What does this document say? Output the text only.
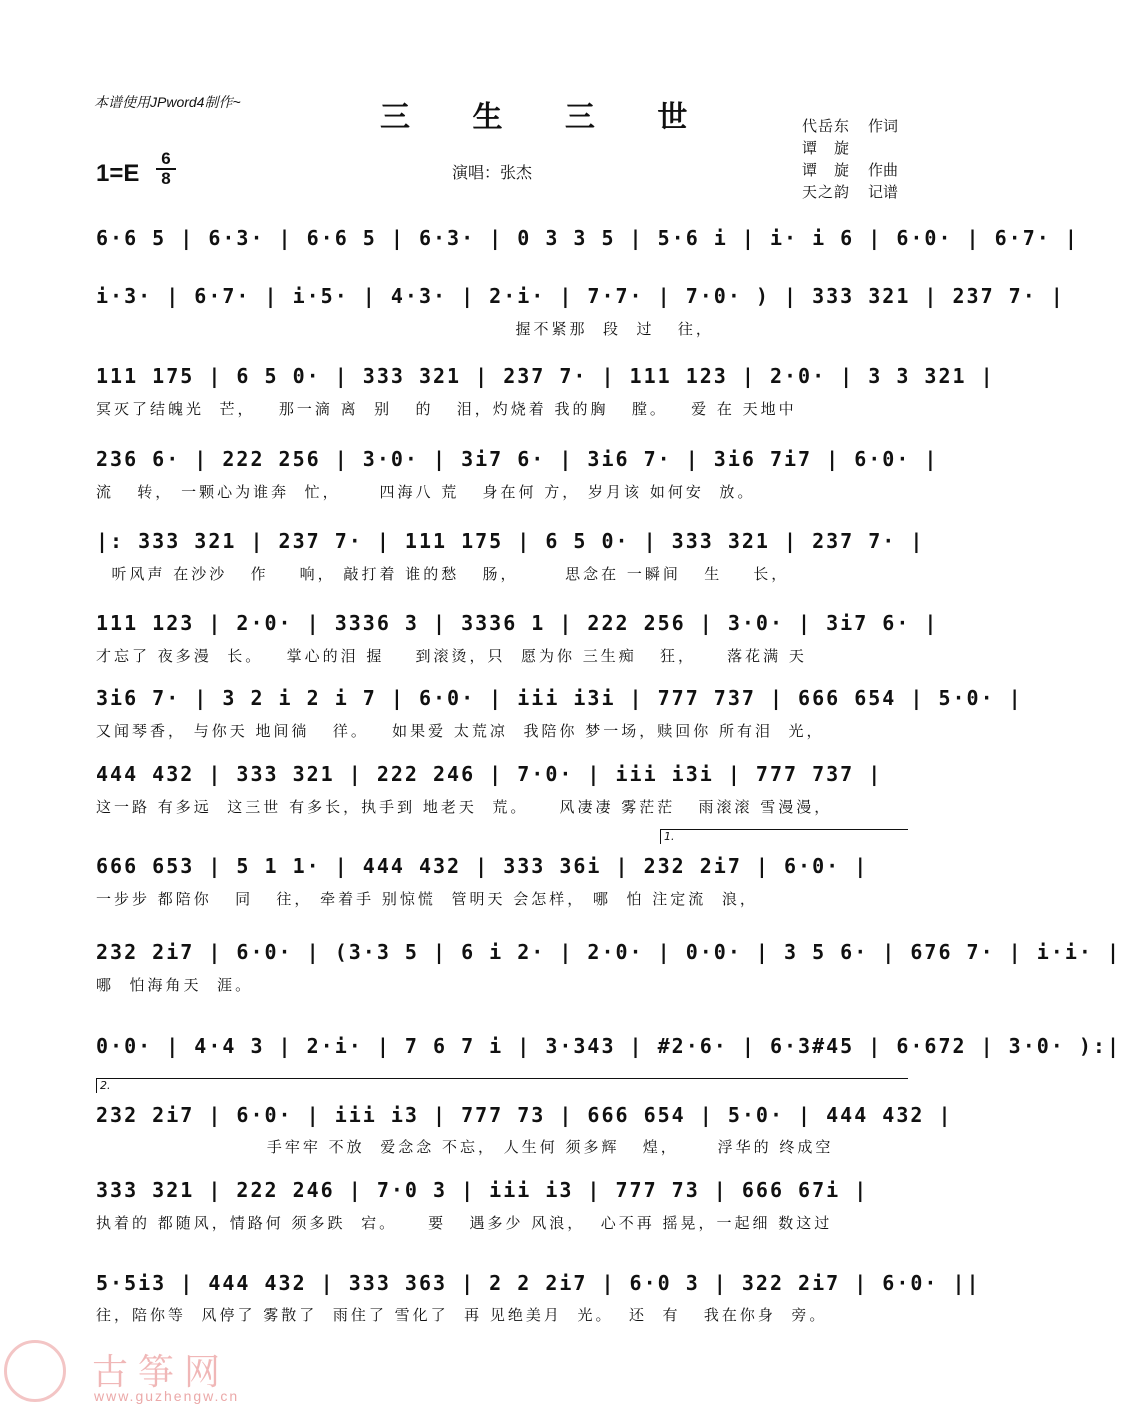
本谱使用JPword4制作~	三 生 三 世
1=E
6
8	演唱：张杰
代岳东	作词
谭　旋
谭　旋	作曲
天之韵	记谱
6·6 5 | 6·3· | 6·6 5 | 6·3· | 0 3 3 5 | 5·6 i | i· i 6 | 6·0· | 6·7· |
i·3· | 6·7· | i·5· | 4·3· | 2·i· | 7·7· | 7·0· ) | 333 321 | 237 7· |
握不紧那  段  过   往，
111 175 | 6 5 0· | 333 321 | 237 7· | 111 123 | 2·0· | 3 3 321 |
冥灭了结魄光  芒，   那一滴 离  别   的   泪，灼烧着 我的胸   膛。   爱 在 天地中
236 6· | 222 256 | 3·0· | 3i7 6· | 3i6 7· | 3i6 7i7 | 6·0· |
流   转， 一颗心为谁奔  忙，     四海八 荒   身在何 方， 岁月该 如何安  放。
|: 333 321 | 237 7· | 111 175 | 6 5 0· | 333 321 | 237 7· |
听风声 在沙沙   作    响， 敲打着 谁的愁   肠，      思念在 一瞬间   生    长，
111 123 | 2·0· | 3336 3 | 3336 1 | 222 256 | 3·0· | 3i7 6· |
才忘了 夜多漫  长。   掌心的泪 握    到滚烫，只  愿为你 三生痴   狂，    落花满 天
3i6 7· | 3 2 i 2 i 7 | 6·0· | iii i3i | 777 737 | 666 654 | 5·0· |
又闻琴香， 与你天 地间徜   徉。   如果爱 太荒凉  我陪你 梦一场，赎回你 所有泪  光，
444 432 | 333 321 | 222 246 | 7·0· | iii i3i | 777 737 |
这一路 有多远  这三世 有多长，执手到 地老天  荒。    风凄凄 雾茫茫   雨滚滚 雪漫漫，
1.
666 653 | 5 1 1· | 444 432 | 333 36i | 232 2i7 | 6·0· |
一步步 都陪你   同   往， 牵着手 别惊慌  管明天 会怎样， 哪  怕 注定流  浪，
232 2i7 | 6·0· | (3·3 5 | 6 i 2· | 2·0· | 0·0· | 3 5 6· | 676 7· | i·i· |
哪  怕海角天  涯。
0·0· | 4·4 3 | 2·i· | 7 6 7 i | 3·343 | #2·6· | 6·3#45 | 6·672 | 3·0· ):|
2.
232 2i7 | 6·0· | iii i3 | 777 73 | 666 654 | 5·0· | 444 432 |
手牢牢 不放  爱念念 不忘， 人生何 须多辉   煌，     浮华的 终成空
333 321 | 222 246 | 7·0 3 | iii i3 | 777 73 | 666 67i |
执着的 都随风，情路何 须多跌  宕。    要   遇多少 风浪，  心不再 摇晃，一起细 数这过
5·5i3 | 444 432 | 333 363 | 2 2 2i7 | 6·0 3 | 322 2i7 | 6·0· ||
往，陪你等  风停了 雾散了  雨住了 雪化了  再 见绝美月  光。  还  有   我在你身  旁。
古筝网
www.guzhengw.cn
